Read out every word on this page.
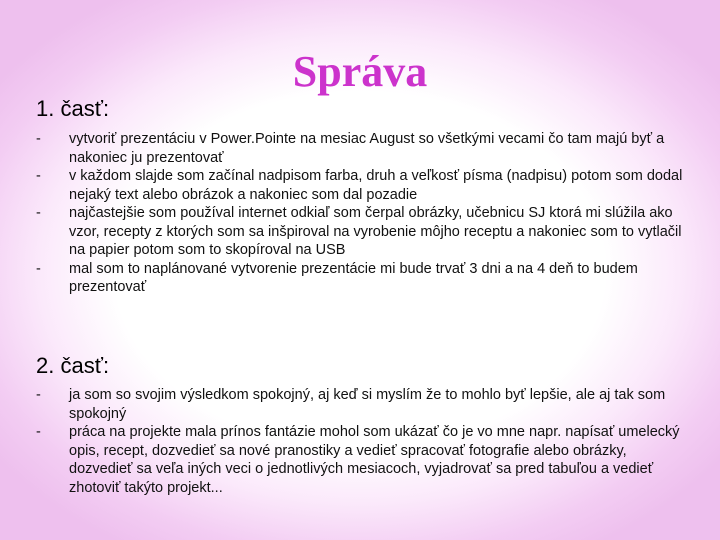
Správa
1. časť:
-	vytvoriť prezentáciu v Power.Pointe na mesiac August so všetkými vecami čo tam majú byť a nakoniec ju prezentovať
-	v každom slajde som začínal nadpisom farba, druh a veľkosť písma (nadpisu) potom som dodal nejaký text alebo obrázok a nakoniec som dal pozadie
-	najčastejšie som používal internet odkiaľ som čerpal obrázky, učebnicu SJ ktorá mi slúžila ako vzor, recepty z ktorých som sa inšpiroval na vyrobenie môjho receptu a nakoniec som to vytlačil na papier potom som to skopíroval na USB
-	mal som to naplánované vytvorenie prezentácie mi bude trvať 3 dni a na 4 deň to budem prezentovať
2. časť:
-	ja som so svojim výsledkom spokojný, aj keď si myslím že to mohlo byť lepšie, ale aj tak som spokojný
-	práca na projekte mala prínos fantázie mohol som ukázať čo je vo mne napr. napísať umelecký opis, recept, dozvedieť sa nové pranostiky a vedieť spracovať fotografie alebo obrázky, dozvedieť sa veľa iných veci o jednotlivých mesiacoch, vyjadrovať sa pred tabuľou a vedieť zhotoviť takýto projekt...
